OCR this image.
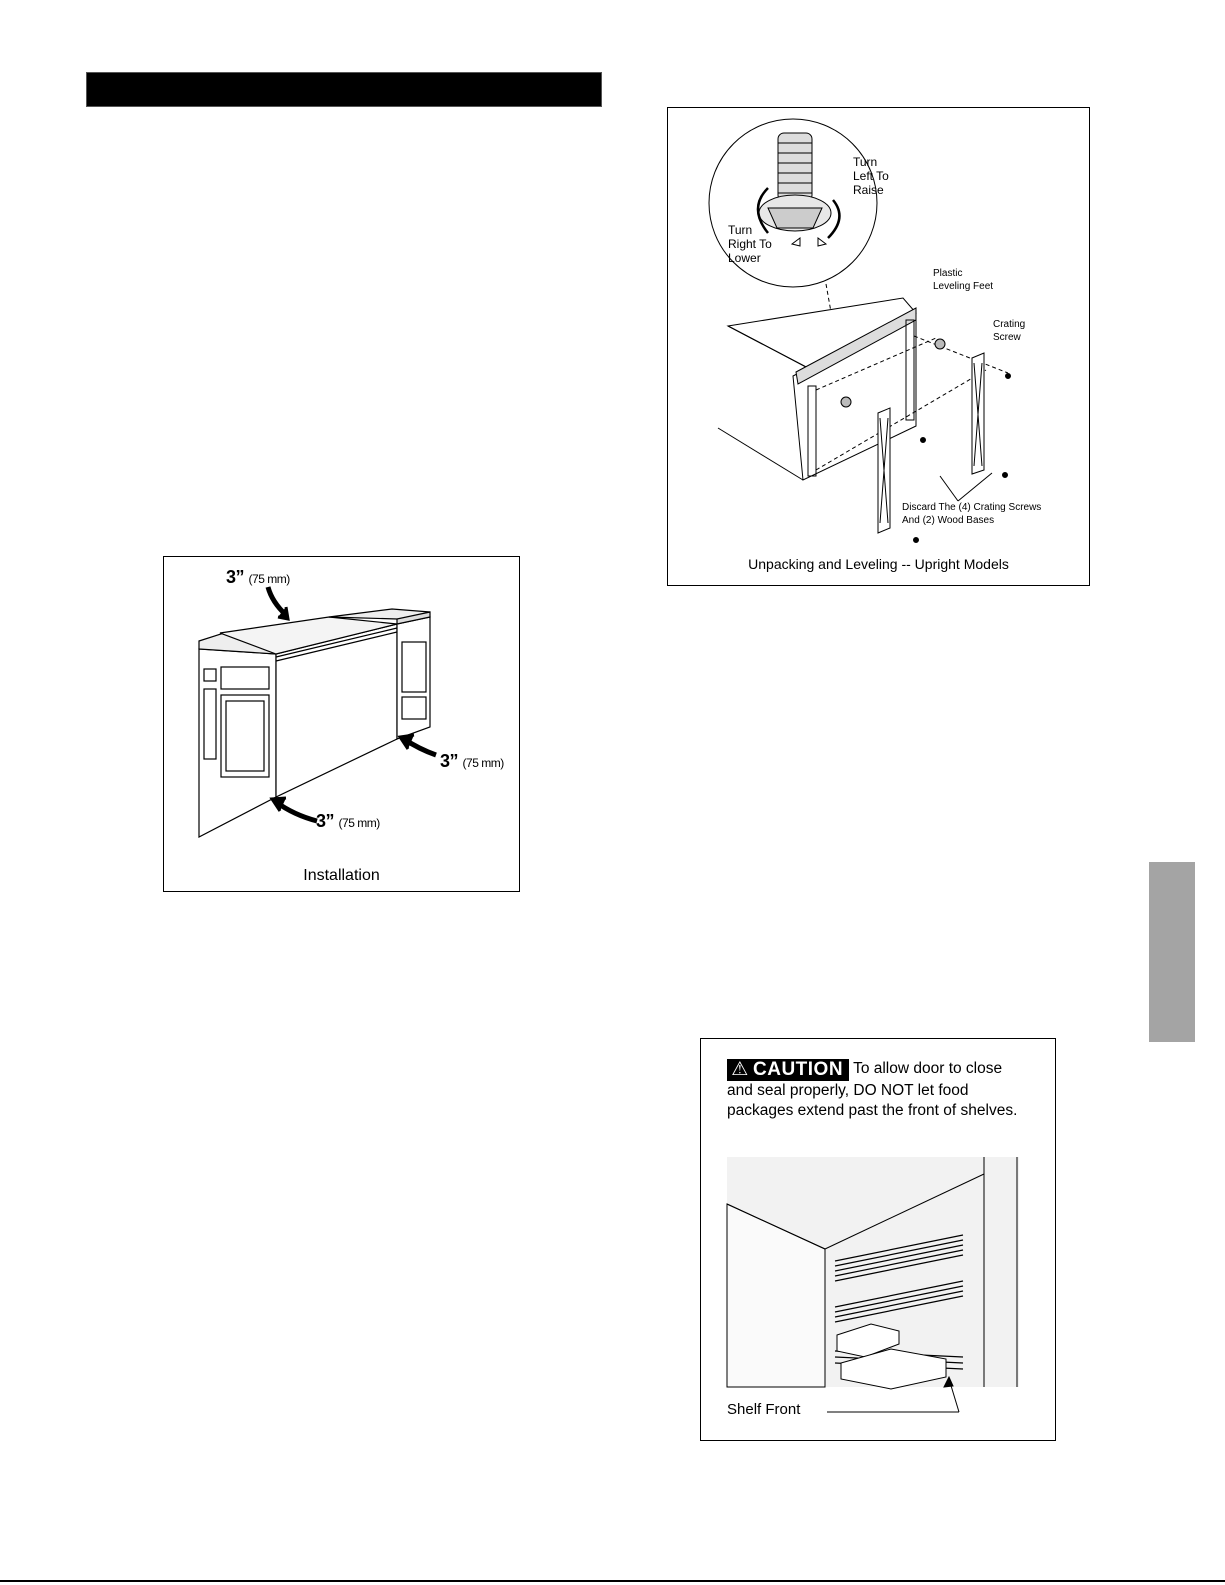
3” (75 mm)
3” (75 mm)
3” (75 mm)
Installation
Turn
Left To
Raise
Turn
Right To
Lower
Plastic
Leveling Feet
Crating
Screw
Discard The (4) Crating Screws
And (2) Wood Bases
Unpacking and Leveling -- Upright Models
⚠ CAUTION To allow door to close and seal properly, DO NOT let food packages extend past the front of shelves.
Shelf Front
